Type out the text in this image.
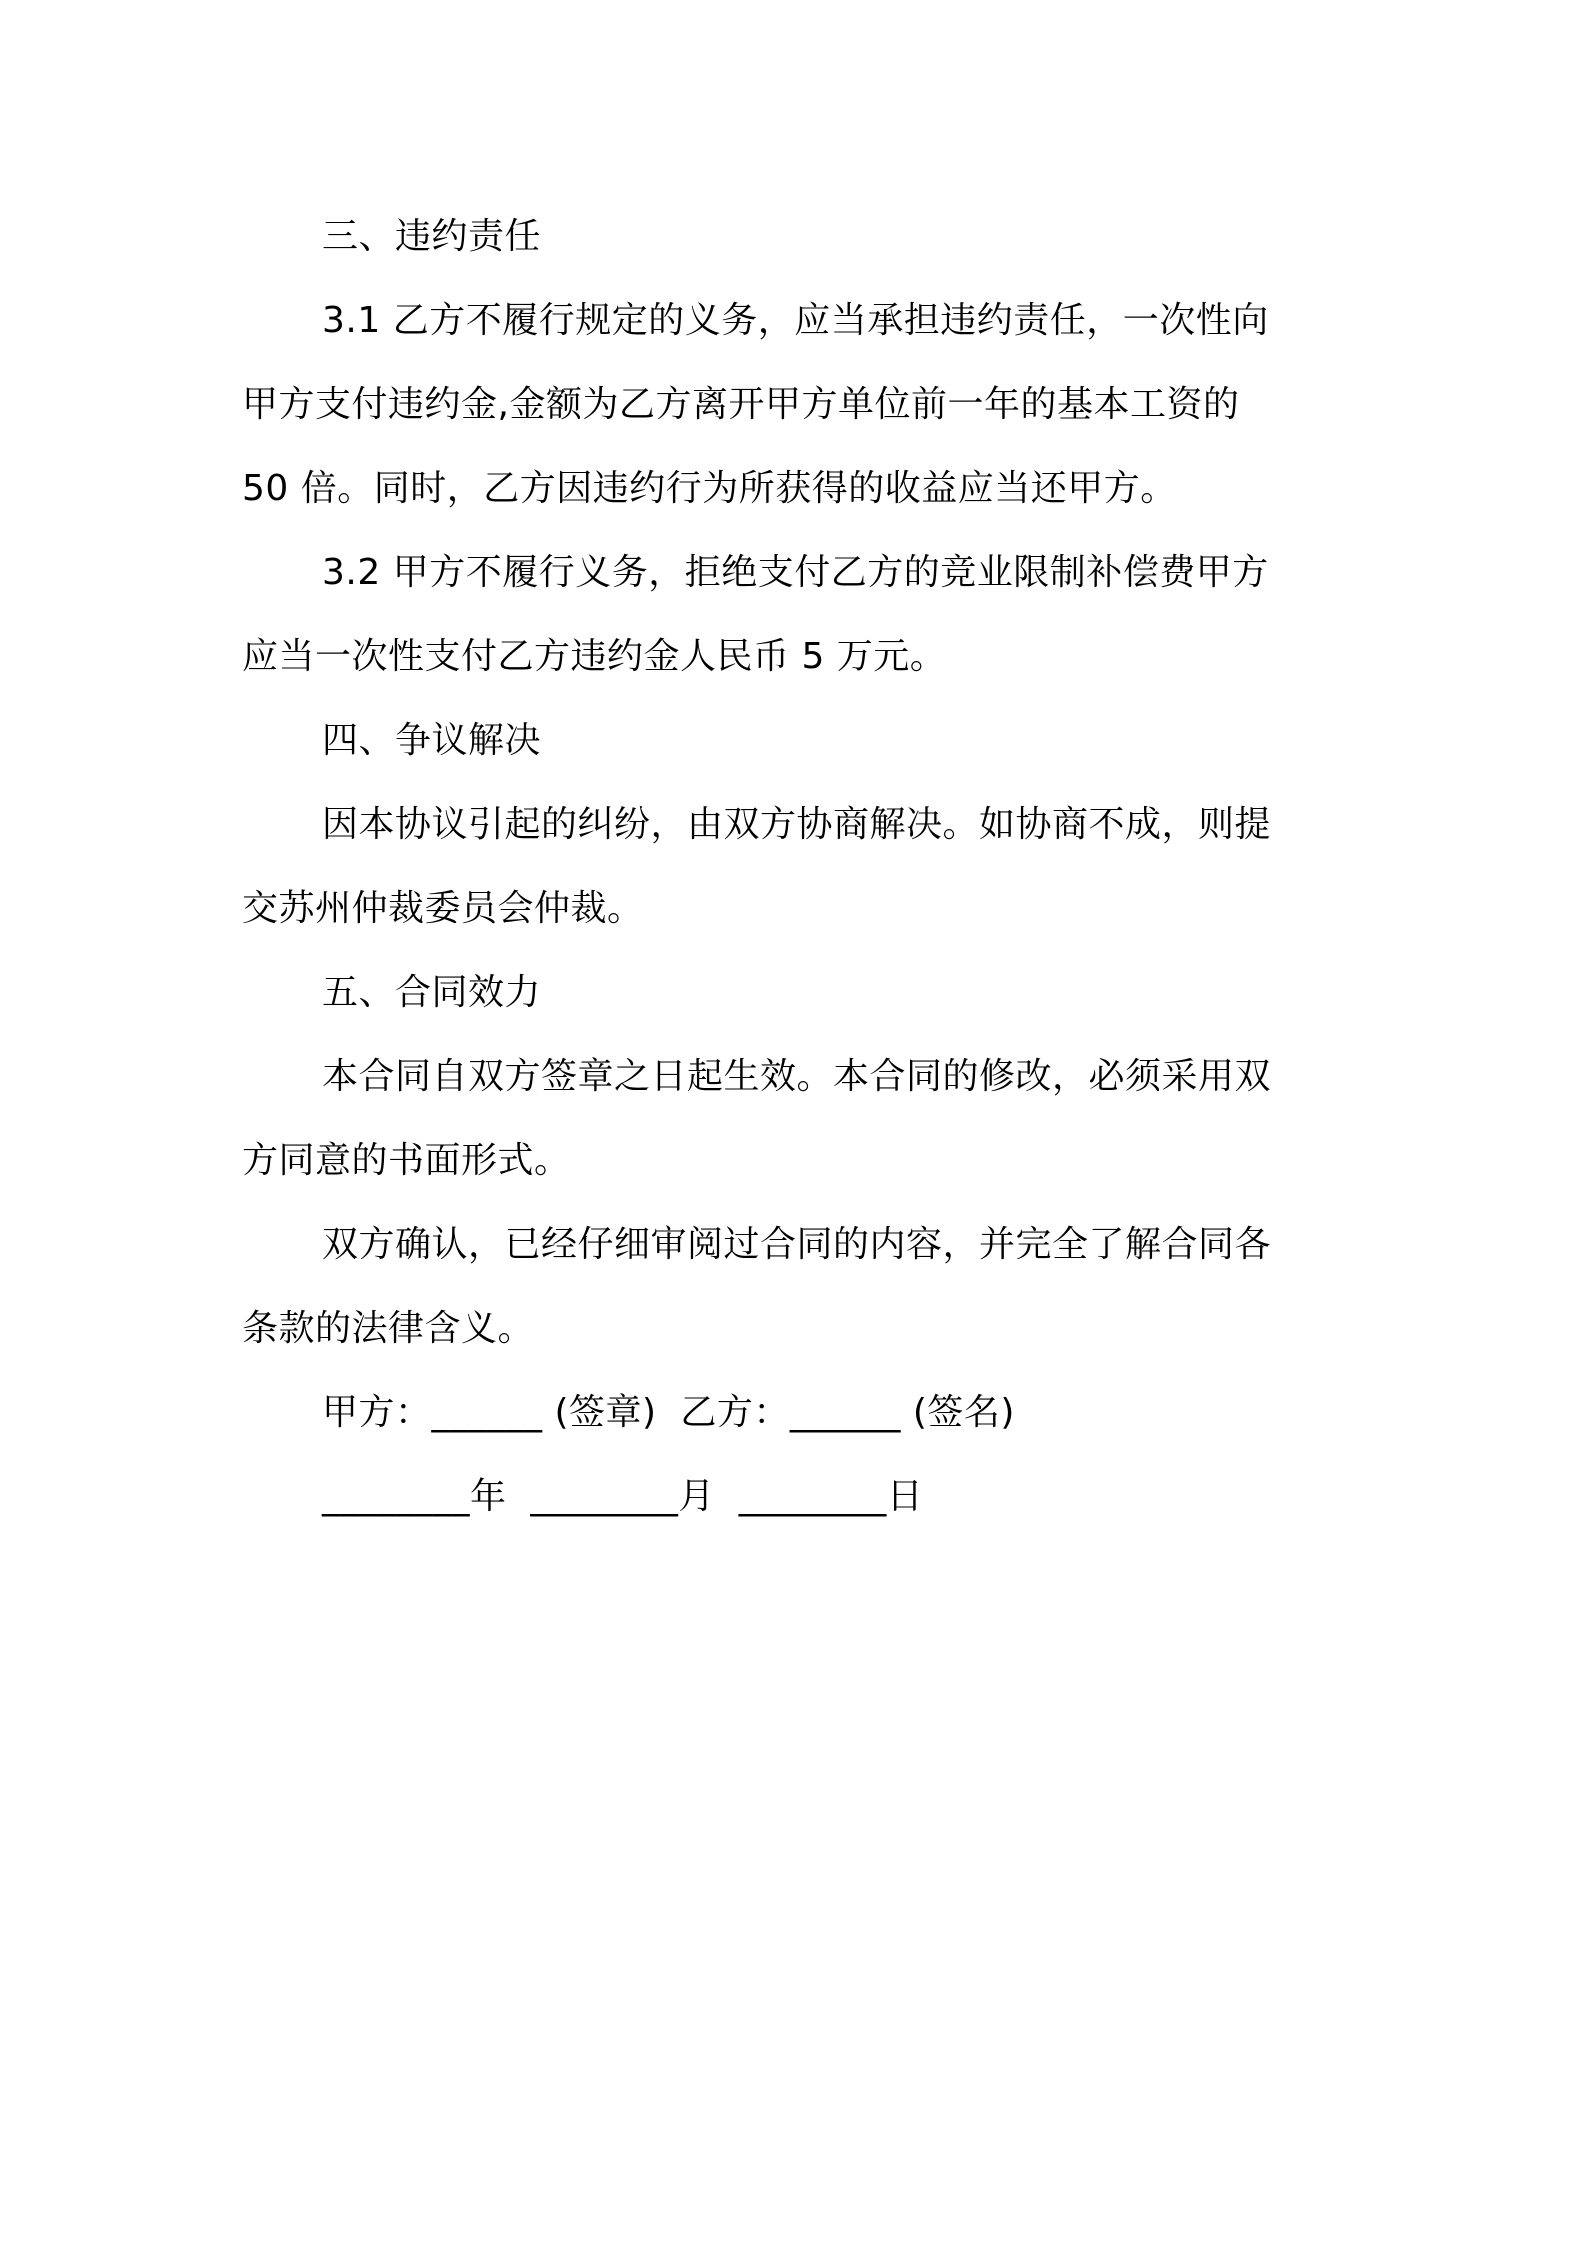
三、违约责任
3.1 乙方不履行规定的义务，应当承担违约责任，一次性向
甲方支付违约金,金额为乙方离开甲方单位前一年的基本工资的
50 倍。同时，乙方因违约行为所获得的收益应当还甲方。
3.2 甲方不履行义务，拒绝支付乙方的竞业限制补偿费甲方
应当一次性支付乙方违约金人民币 5 万元。
四、争议解决
因本协议引起的纠纷，由双方协商解决。如协商不成，则提
交苏州仲裁委员会仲裁。
五、合同效力
本合同自双方签章之日起生效。本合同的修改，必须采用双
方同意的书面形式。
双方确认，已经仔细审阅过合同的内容，并完全了解合同各
条款的法律含义。
甲方：______ (签章)  乙方：______ (签名)
________年  ________月  ________日
